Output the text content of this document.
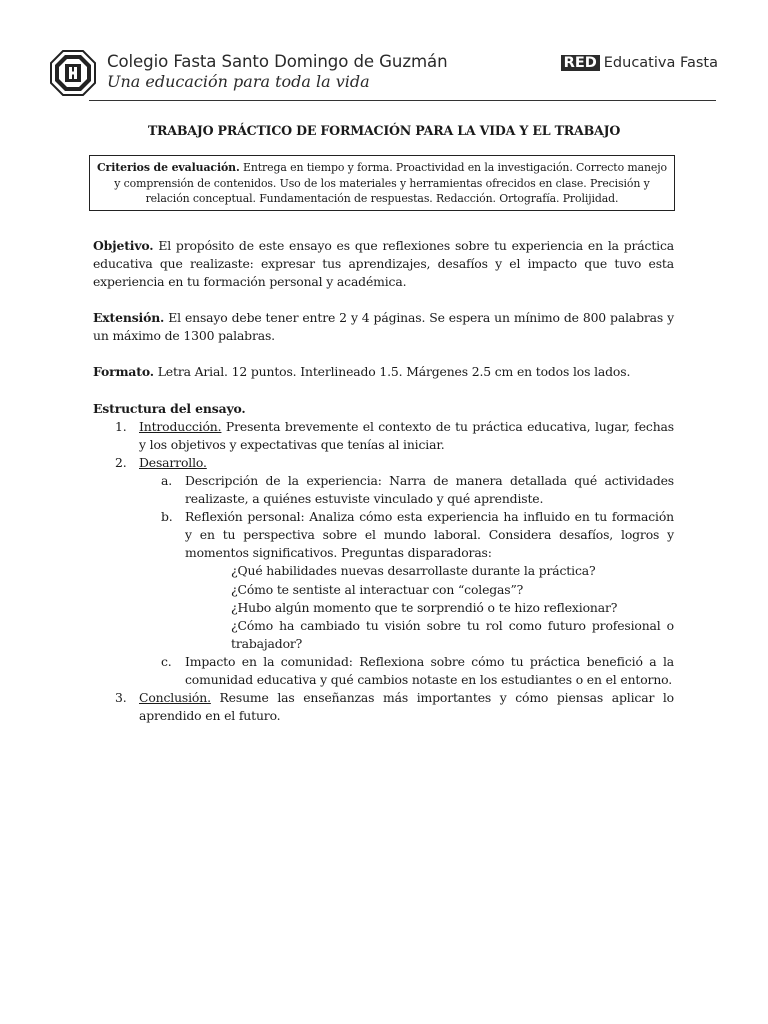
Colegio Fasta Santo Domingo de Guzmán
Una educación para toda la vida
RED Educativa Fasta
TRABAJO PRÁCTICO DE FORMACIÓN PARA LA VIDA Y EL TRABAJO
Criterios de evaluación. Entrega en tiempo y forma. Proactividad en la investigación. Correcto manejo y comprensión de contenidos. Uso de los materiales y herramientas ofrecidos en clase. Precisión y relación conceptual. Fundamentación de respuestas. Redacción. Ortografía. Prolijidad.

Objetivo. El propósito de este ensayo es que reflexiones sobre tu experiencia en la práctica educativa que realizaste: expresar tus aprendizajes, desafíos y el impacto que tuvo esta experiencia en tu formación personal y académica.

Extensión. El ensayo debe tener entre 2 y 4 páginas. Se espera un mínimo de 800 palabras y un máximo de 1300 palabras.

Formato. Letra Arial. 12 puntos. Interlineado 1.5. Márgenes 2.5 cm en todos los lados.

Estructura del ensayo.

1. Introducción. Presenta brevemente el contexto de tu práctica educativa, lugar, fechas y los objetivos y expectativas que tenías al iniciar.
2. Desarrollo.
a. Descripción de la experiencia: Narra de manera detallada qué actividades realizaste, a quiénes estuviste vinculado y qué aprendiste.
b. Reflexión personal: Analiza cómo esta experiencia ha influido en tu formación y en tu perspectiva sobre el mundo laboral. Considera desafíos, logros y momentos significativos. Preguntas disparadoras:
¿Qué habilidades nuevas desarrollaste durante la práctica?
¿Cómo te sentiste al interactuar con “colegas”?
¿Hubo algún momento que te sorprendió o te hizo reflexionar?
¿Cómo ha cambiado tu visión sobre tu rol como futuro profesional o trabajador?
c. Impacto en la comunidad: Reflexiona sobre cómo tu práctica benefició a la comunidad educativa y qué cambios notaste en los estudiantes o en el entorno.
3. Conclusión. Resume las enseñanzas más importantes y cómo piensas aplicar lo aprendido en el futuro.
